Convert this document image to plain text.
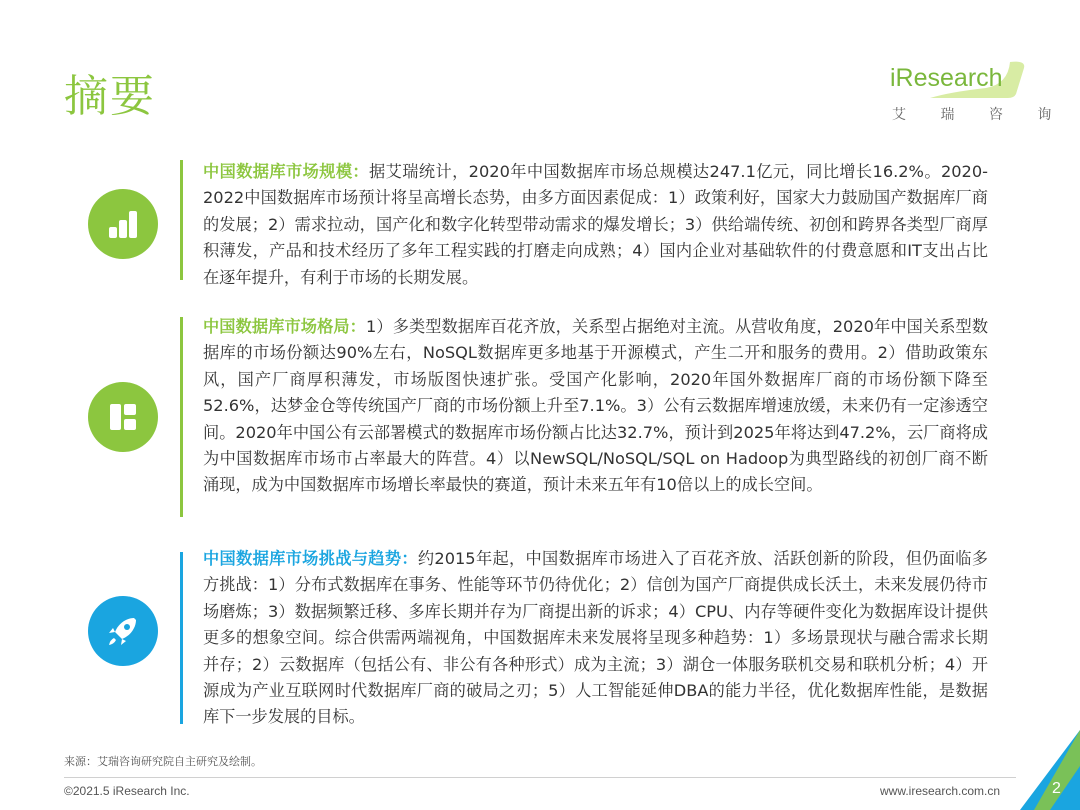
摘要	iResearch
艾 瑞 咨 询
中国数据库市场规模：据艾瑞统计，2020年中国数据库市场总规模达247.1亿元，同比增长16.2%。2020-2022中国数据库市场预计将呈高增长态势，由多方面因素促成：1）政策利好，国家大力鼓励国产数据库厂商的发展；2）需求拉动，国产化和数字化转型带动需求的爆发增长；3）供给端传统、初创和跨界各类型厂商厚积薄发，产品和技术经历了多年工程实践的打磨走向成熟；4）国内企业对基础软件的付费意愿和IT支出占比在逐年提升，有利于市场的长期发展。
中国数据库市场格局：1）多类型数据库百花齐放，关系型占据绝对主流。从营收角度，2020年中国关系型数据库的市场份额达90%左右，NoSQL数据库更多地基于开源模式，产生二开和服务的费用。2）借助政策东风，国产厂商厚积薄发，市场版图快速扩张。受国产化影响，2020年国外数据库厂商的市场份额下降至52.6%，达梦金仓等传统国产厂商的市场份额上升至7.1%。3）公有云数据库增速放缓，未来仍有一定渗透空间。2020年中国公有云部署模式的数据库市场份额占比达32.7%，预计到2025年将达到47.2%，云厂商将成为中国数据库市场市占率最大的阵营。4）以NewSQL/NoSQL/SQL on Hadoop为典型路线的初创厂商不断涌现，成为中国数据库市场增长率最快的赛道，预计未来五年有10倍以上的成长空间。
中国数据库市场挑战与趋势：约2015年起，中国数据库市场进入了百花齐放、活跃创新的阶段，但仍面临多方挑战：1）分布式数据库在事务、性能等环节仍待优化；2）信创为国产厂商提供成长沃土，未来发展仍待市场磨炼；3）数据频繁迁移、多库长期并存为厂商提出新的诉求；4）CPU、内存等硬件变化为数据库设计提供更多的想象空间。综合供需两端视角，中国数据库未来发展将呈现多种趋势：1）多场景现状与融合需求长期并存；2）云数据库（包括公有、非公有各种形式）成为主流；3）湖仓一体服务联机交易和联机分析；4）开源成为产业互联网时代数据库厂商的破局之刃；5）人工智能延伸DBA的能力半径，优化数据库性能，是数据库下一步发展的目标。
来源：艾瑞咨询研究院自主研究及绘制。
©2021.5 iResearch Inc.	www.iresearch.com.cn	2
